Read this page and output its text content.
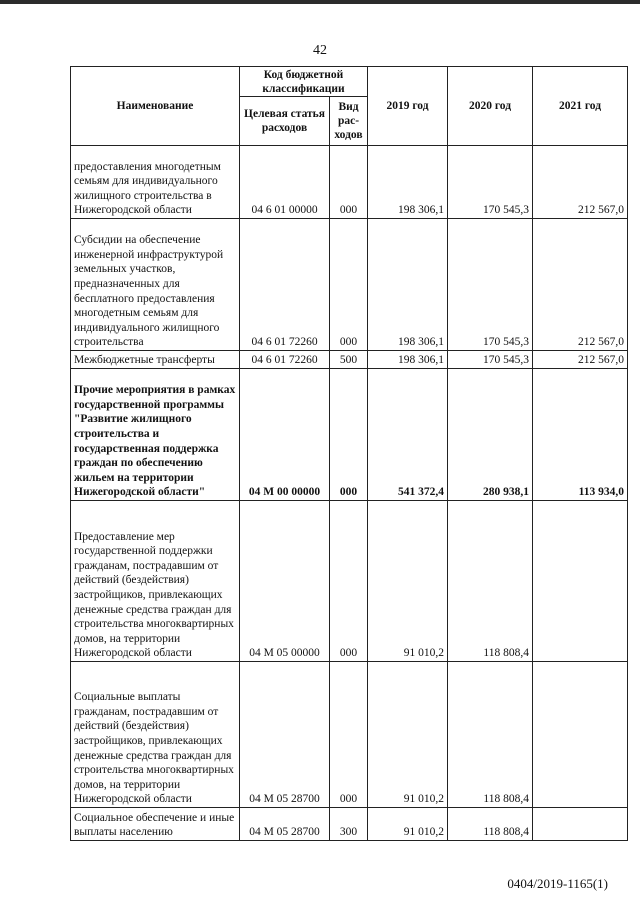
42
Наименование	Код бюджетной классификации		2019 год	2020 год	2021 год
	Целевая статья расходов	Вид рас-ходов			
предоставления многодетным семьям для индивидуального жилищного строительства в Нижегородской области	04 6 01 00000	000	198 306,1	170 545,3	212 567,0
Субсидии на обеспечение инженерной инфраструктурой земельных участков, предназначенных для бесплатного предоставления многодетным семьям для индивидуального жилищного строительства	04 6 01 72260	000	198 306,1	170 545,3	212 567,0
Межбюджетные трансферты	04 6 01 72260	500	198 306,1	170 545,3	212 567,0
Прочие мероприятия в рамках государственной программы "Развитие жилищного строительства и государственная поддержка граждан по обеспечению жильем на территории Нижегородской области"	04 М 00 00000	000	541 372,4	280 938,1	113 934,0
Предоставление мер государственной поддержки гражданам, пострадавшим от действий (бездействия) застройщиков, привлекающих денежные средства граждан для строительства многоквартирных домов, на территории Нижегородской области	04 М 05 00000	000	91 010,2	118 808,4	
Социальные выплаты гражданам, пострадавшим от действий (бездействия) застройщиков, привлекающих денежные средства граждан для строительства многоквартирных домов, на территории Нижегородской области	04 М 05 28700	000	91 010,2	118 808,4	
Социальное обеспечение и иные выплаты населению	04 М 05 28700	300	91 010,2	118 808,4	
0404/2019-1165(1)
